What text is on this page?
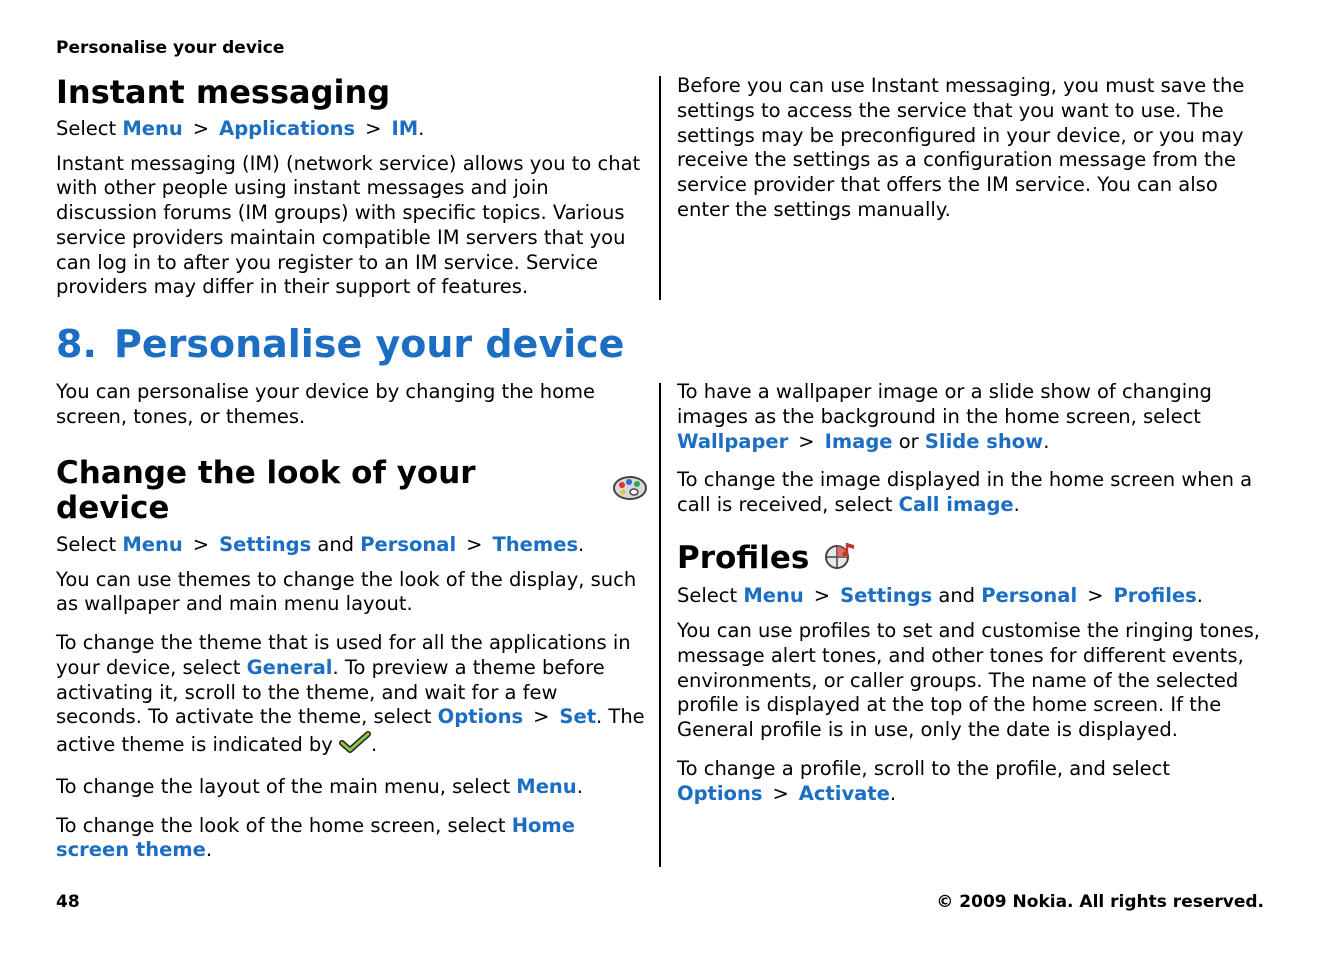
Personalise your device
Instant messaging

Select Menu > Applications > IM.

Instant messaging (IM) (network service) allows you to chat with other people using instant messages and join discussion forums (IM groups) with specific topics. Various service providers maintain compatible IM servers that you can log in to after you register to an IM service. Service providers may differ in their support of features.

Before you can use Instant messaging, you must save the settings to access the service that you want to use. The settings may be preconfigured in your device, or you may receive the settings as a configuration message from the service provider that offers the IM service. You can also enter the settings manually.

8. Personalise your device

You can personalise your device by changing the home screen, tones, or themes.

Change the look of your device

Select Menu > Settings and Personal > Themes.

You can use themes to change the look of the display, such as wallpaper and main menu layout.

To change the theme that is used for all the applications in your device, select General. To preview a theme before activating it, scroll to the theme, and wait for a few seconds. To activate the theme, select Options > Set. The active theme is indicated by .

To change the layout of the main menu, select Menu.

To change the look of the home screen, select Home screen theme.

To have a wallpaper image or a slide show of changing images as the background in the home screen, select Wallpaper > Image or Slide show.

To change the image displayed in the home screen when a call is received, select Call image.

Profiles

Select Menu > Settings and Personal > Profiles.

You can use profiles to set and customise the ringing tones, message alert tones, and other tones for different events, environments, or caller groups. The name of the selected profile is displayed at the top of the home screen. If the General profile is in use, only the date is displayed.

To change a profile, scroll to the profile, and select Options > Activate.

48	© 2009 Nokia. All rights reserved.
